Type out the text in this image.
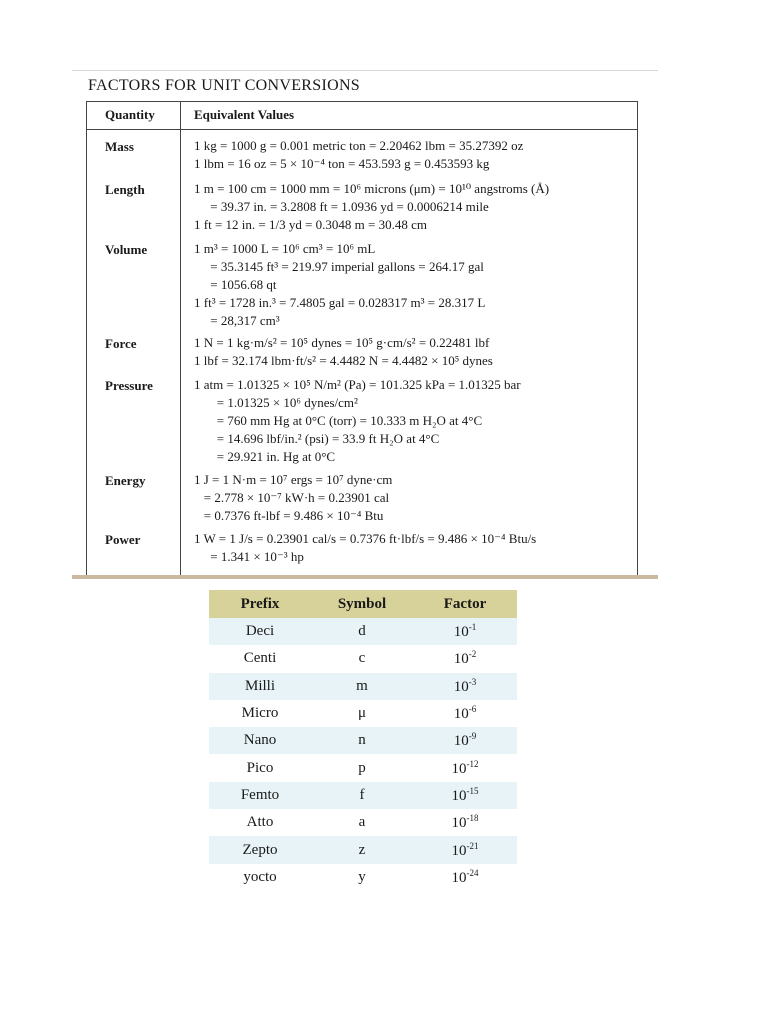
FACTORS FOR UNIT CONVERSIONS
Quantity	Equivalent Values
Mass	1 kg = 1000 g = 0.001 metric ton = 2.20462 lbm = 35.27392 oz
1 lbm = 16 oz = 5 × 10⁻⁴ ton = 453.593 g = 0.453593 kg
Length	1 m = 100 cm = 1000 mm = 10⁶ microns (μm) = 10¹⁰ angstroms (Å)
= 39.37 in. = 3.2808 ft = 1.0936 yd = 0.0006214 mile
1 ft = 12 in. = 1/3 yd = 0.3048 m = 30.48 cm
Volume	1 m³ = 1000 L = 10⁶ cm³ = 10⁶ mL
= 35.3145 ft³ = 219.97 imperial gallons = 264.17 gal
= 1056.68 qt
1 ft³ = 1728 in.³ = 7.4805 gal = 0.028317 m³ = 28.317 L
= 28,317 cm³
Force	1 N = 1 kg·m/s² = 10⁵ dynes = 10⁵ g·cm/s² = 0.22481 lbf
1 lbf = 32.174 lbm·ft/s² = 4.4482 N = 4.4482 × 10⁵ dynes
Pressure	1 atm = 1.01325 × 10⁵ N/m² (Pa) = 101.325 kPa = 1.01325 bar
= 1.01325 × 10⁶ dynes/cm²
= 760 mm Hg at 0°C (torr) = 10.333 m H₂O at 4°C
= 14.696 lbf/in.² (psi) = 33.9 ft H₂O at 4°C
= 29.921 in. Hg at 0°C
Energy	1 J = 1 N·m = 10⁷ ergs = 10⁷ dyne·cm
= 2.778 × 10⁻⁷ kW·h = 0.23901 cal
= 0.7376 ft-lbf = 9.486 × 10⁻⁴ Btu
Power	1 W = 1 J/s = 0.23901 cal/s = 0.7376 ft·lbf/s = 9.486 × 10⁻⁴ Btu/s
= 1.341 × 10⁻³ hp
Prefix	Symbol	Factor
Deci	d	$10^{-1}$
Centi	c	$10^{-2}$
Milli	m	$10^{-3}$
Micro	μ	$10^{-6}$
Nano	n	$10^{-9}$
Pico	p	$10^{-12}$
Femto	f	$10^{-15}$
Atto	a	$10^{-18}$
Zepto	z	$10^{-21}$
yocto	y	$10^{-24}$
